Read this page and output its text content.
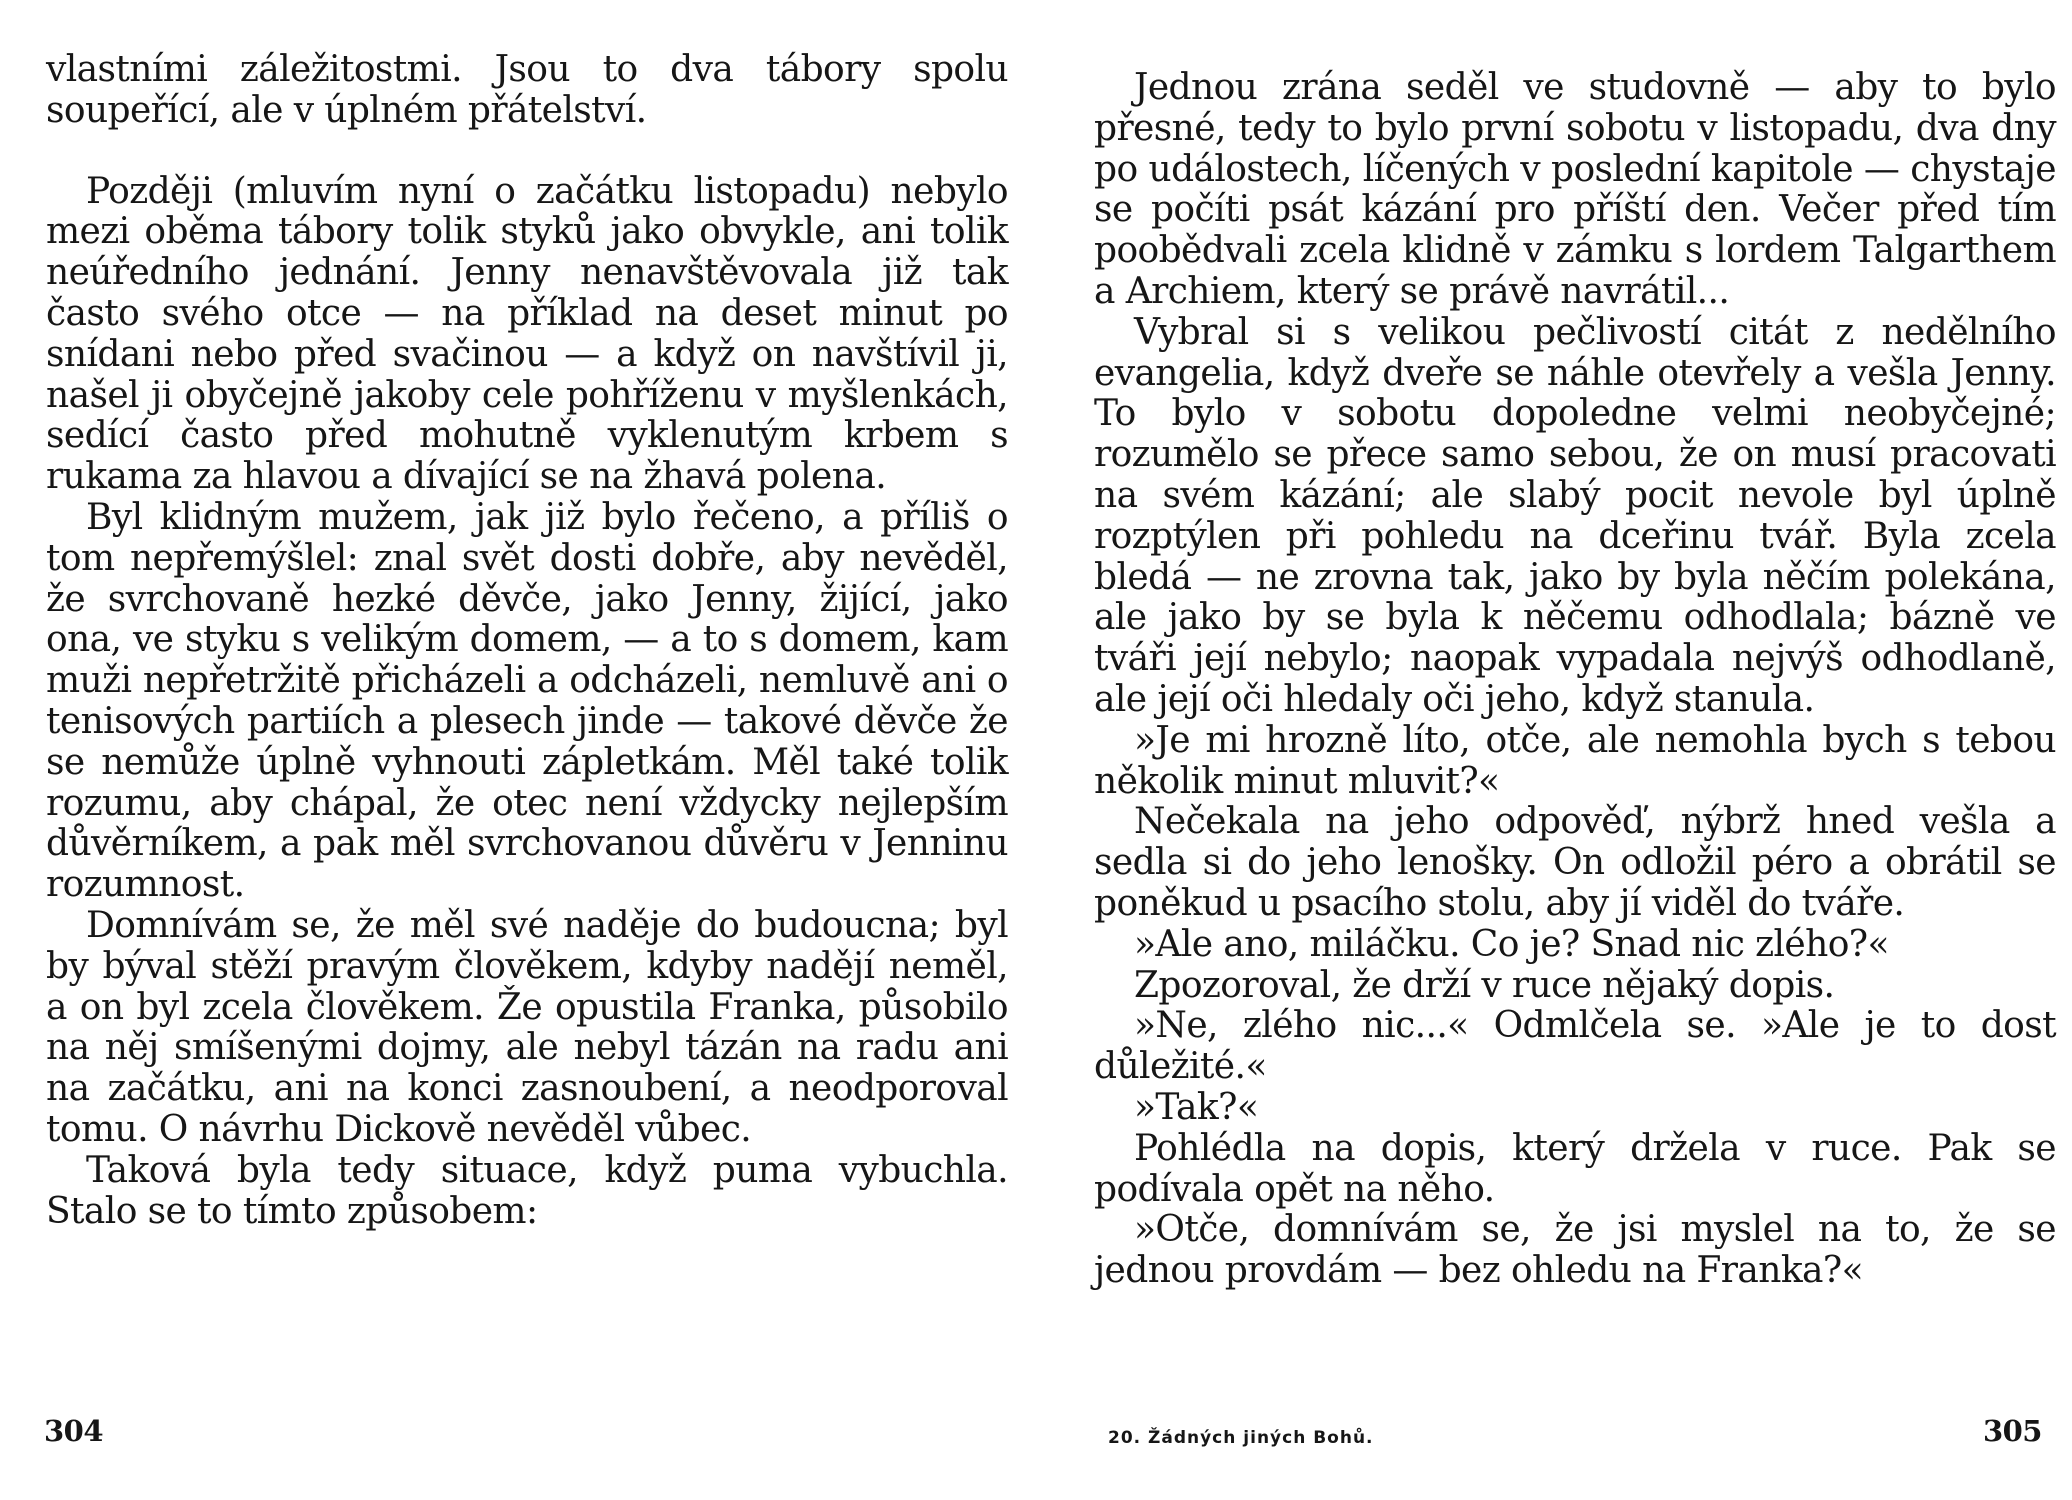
vlastními záležitostmi. Jsou to dva tábory spolu soupeřící, ale v úplném přátelství.

Později (mluvím nyní o začátku listopadu) nebylo mezi oběma tábory tolik styků jako obvykle, ani tolik neúředního jednání. Jenny nenavštěvovala již tak často svého otce — na příklad na deset minut po snídani nebo před svačinou — a když on navštívil ji, našel ji obyčejně jakoby cele pohříženu v myšlenkách, sedící často před mohutně vyklenutým krbem s rukama za hlavou a dívající se na žhavá polena.

Byl klidným mužem, jak již bylo řečeno, a příliš o tom nepřemýšlel: znal svět dosti dobře, aby nevěděl, že svrchovaně hezké děvče, jako Jenny, žijící, jako ona, ve styku s velikým domem, — a to s domem, kam muži nepřetržitě přicházeli a odcházeli, nemluvě ani o tenisových partiích a plesech jinde — takové děvče že se nemůže úplně vyhnouti zápletkám. Měl také tolik rozumu, aby chápal, že otec není vždycky nejlepším důvěrníkem, a pak měl svrchovanou důvěru v Jenninu rozumnost.

Domnívám se, že měl své naděje do budoucna; byl by býval stěží pravým člověkem, kdyby nadějí neměl, a on byl zcela člověkem. Že opustila Franka, působilo na něj smíšenými dojmy, ale nebyl tázán na radu ani na začátku, ani na konci zasnoubení, a neodporoval tomu. O návrhu Dickově nevěděl vůbec.

Taková byla tedy situace, když puma vybuchla. Stalo se to tímto způsobem:

304

Jednou zrána seděl ve studovně — aby to bylo přesné, tedy to bylo první sobotu v listopadu, dva dny po událostech, líčených v poslední kapitole — chystaje se počíti psát kázání pro příští den. Večer před tím poobědvali zcela klidně v zámku s lordem Talgarthem a Archiem, který se právě navrátil...

Vybral si s velikou pečlivostí citát z nedělního evangelia, když dveře se náhle otevřely a vešla Jenny. To bylo v sobotu dopoledne velmi neobyčejné; rozumělo se přece samo sebou, že on musí pracovati na svém kázání; ale slabý pocit nevole byl úplně rozptýlen při pohledu na dceřinu tvář. Byla zcela bledá — ne zrovna tak, jako by byla něčím polekána, ale jako by se byla k něčemu odhodlala; bázně ve tváři její nebylo; naopak vypadala nejvýš odhodlaně, ale její oči hledaly oči jeho, když stanula.

»Je mi hrozně líto, otče, ale nemohla bych s tebou několik minut mluvit?«

Nečekala na jeho odpověď, nýbrž hned vešla a sedla si do jeho lenošky. On odložil péro a obrátil se poněkud u psacího stolu, aby jí viděl do tváře.

»Ale ano, miláčku. Co je? Snad nic zlého?«

Zpozoroval, že drží v ruce nějaký dopis.

»Ne, zlého nic...« Odmlčela se. »Ale je to dost důležité.«

»Tak?«

Pohlédla na dopis, který držela v ruce. Pak se podívala opět na něho.

»Otče, domnívám se, že jsi myslel na to, že se jednou provdám — bez ohledu na Franka?«

20. Žádných jiných Bohů.	305
